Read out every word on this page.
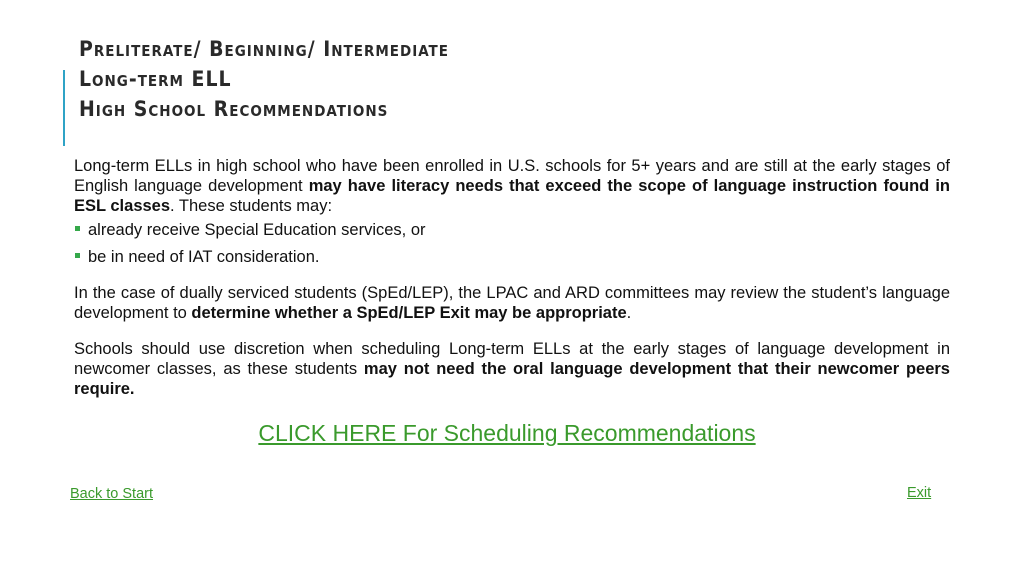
Preliterate/ Beginning/ Intermediate
Long-term ELL
High School Recommendations

Long-term ELLs in high school who have been enrolled in U.S. schools for 5+ years and are still at the early stages of English language development may have literacy needs that exceed the scope of language instruction found in ESL classes. These students may:

already receive Special Education services, or
be in need of IAT consideration.

In the case of dually serviced students (SpEd/LEP), the LPAC and ARD committees may review the student’s language development to determine whether a SpEd/LEP Exit may be appropriate.

Schools should use discretion when scheduling Long-term ELLs at the early stages of language development in newcomer classes, as these students may not need the oral language development that their newcomer peers require.

CLICK HERE For Scheduling Recommendations
Back to Start	Exit
